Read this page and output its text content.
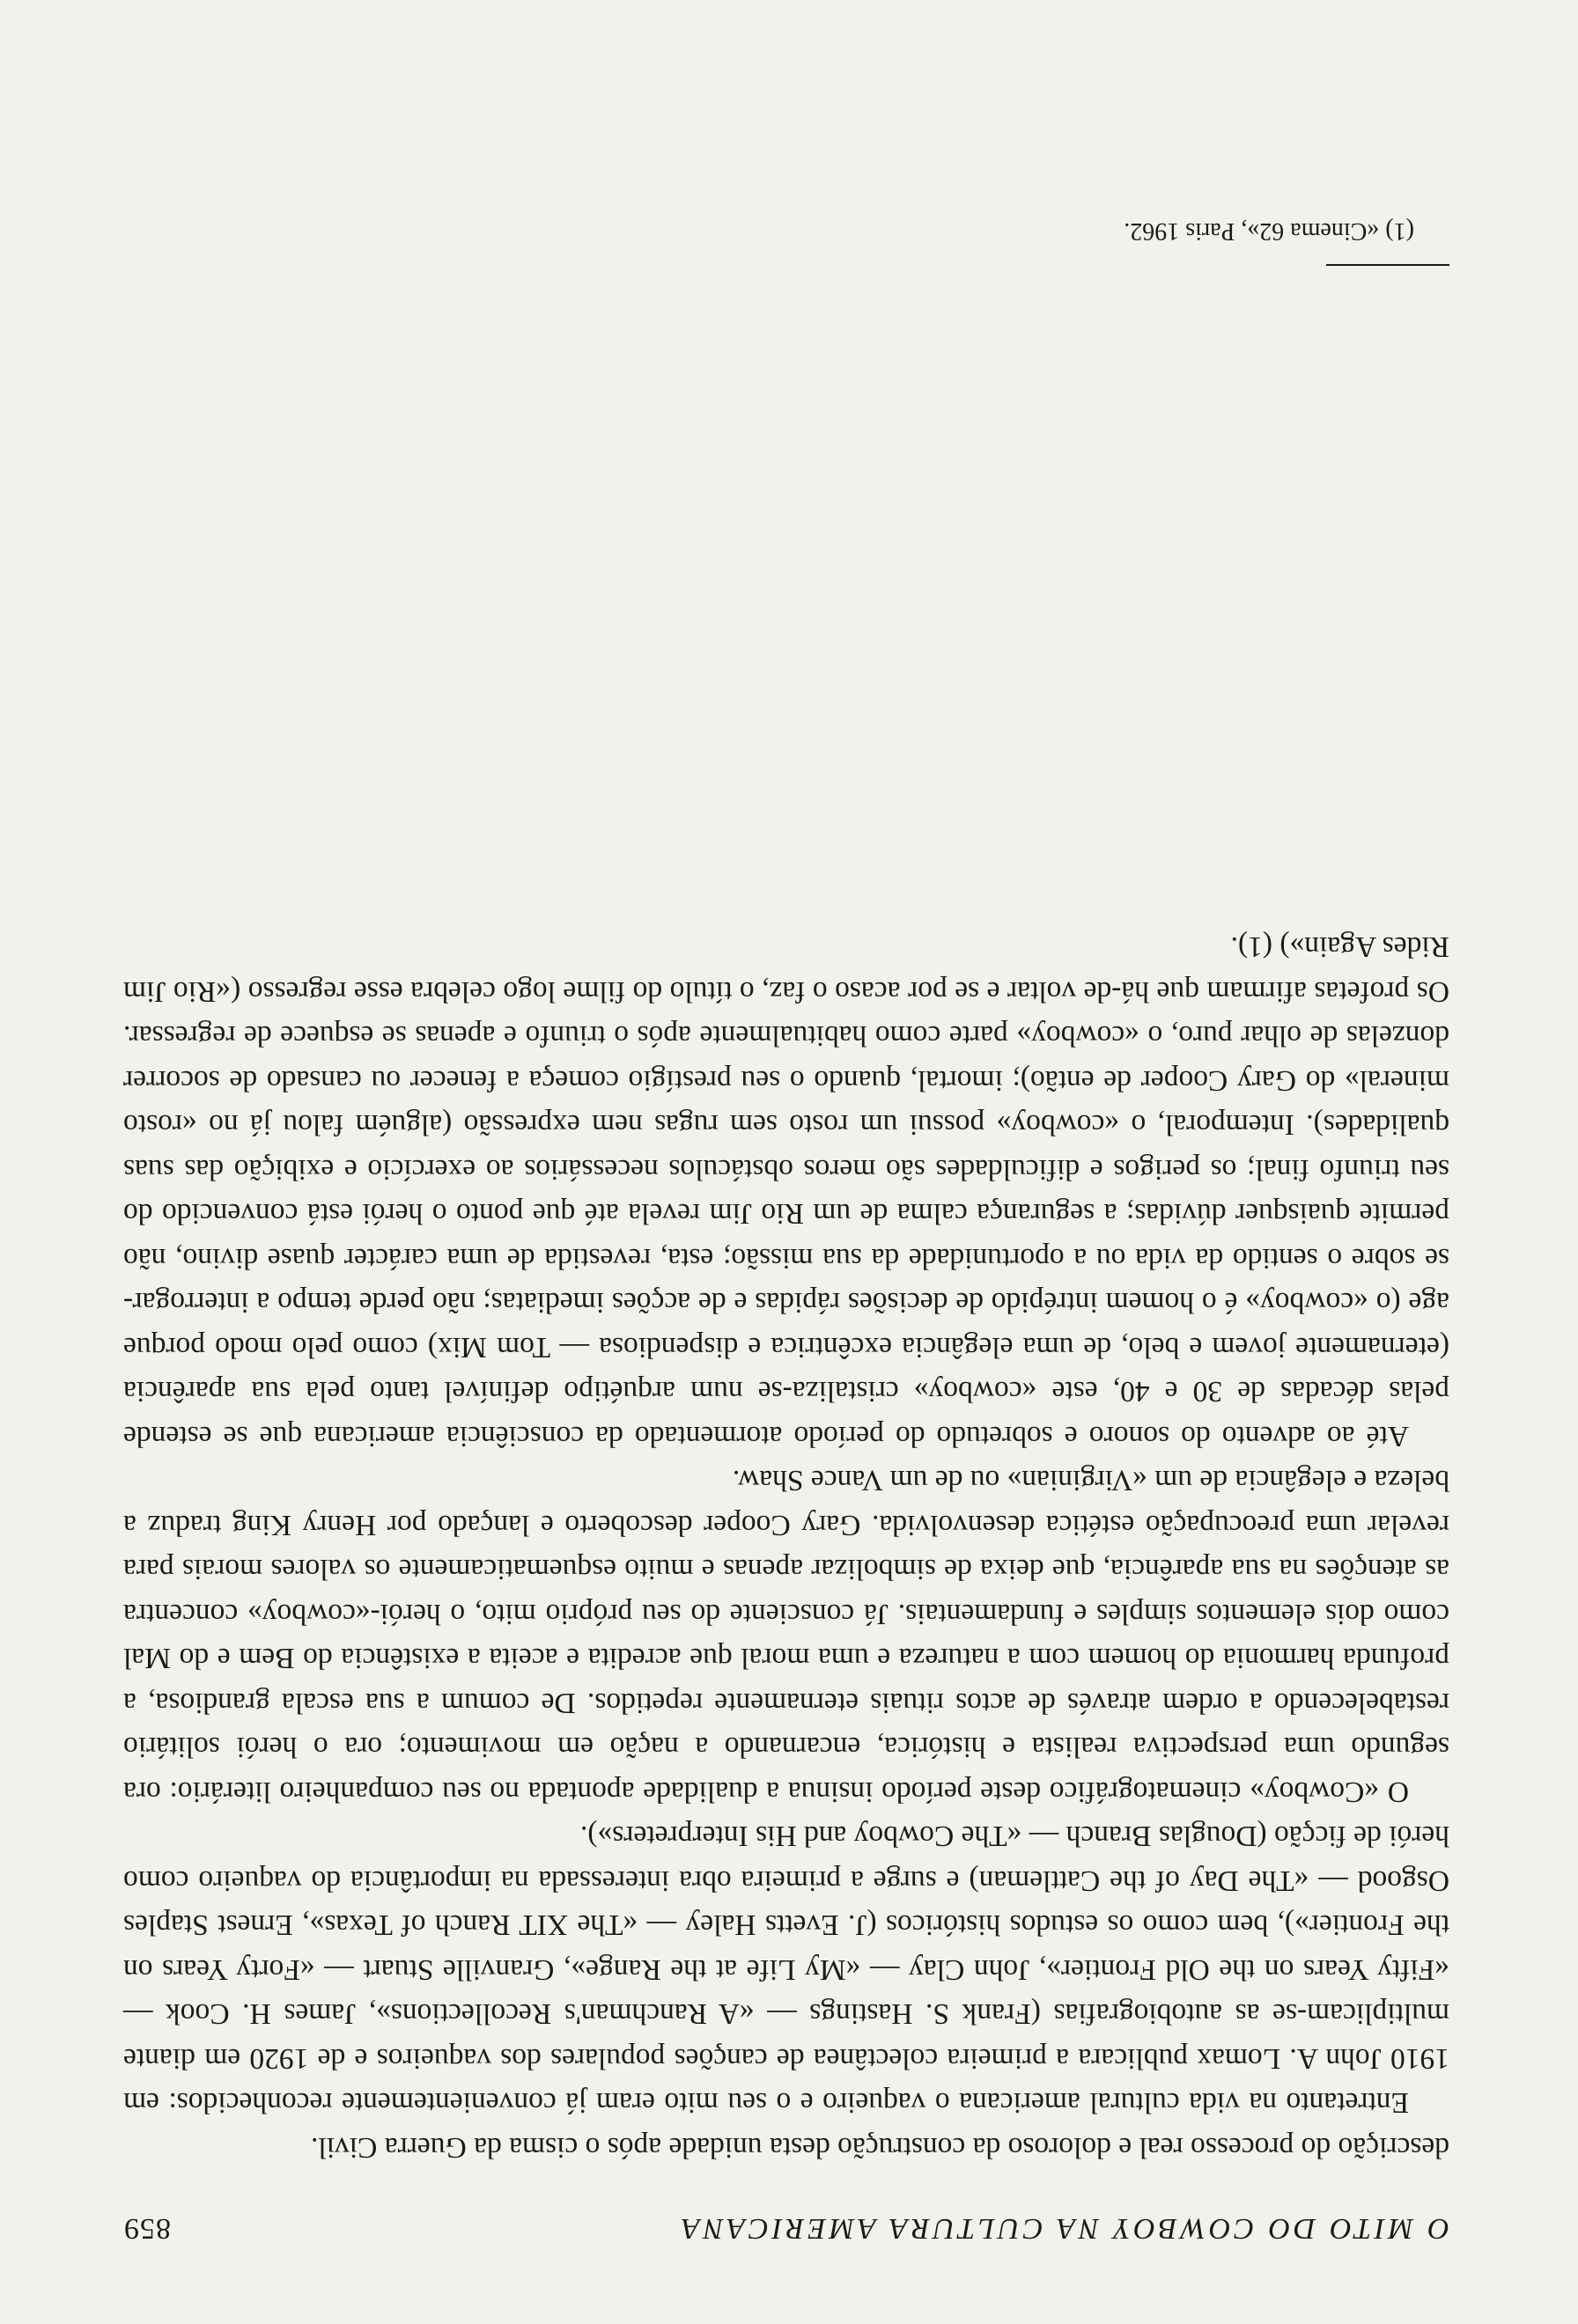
O MITO DO COWBOY NA CULTURA AMERICANA
859

descrição do processo real e doloroso da construção desta unidade após o cisma da Guerra Civil.

Entretanto na vida cultural americana o vaqueiro e o seu mito eram já convenientemente reconhecidos: em 1910 John A. Lomax publicara a primeira colectânea de canções populares dos vaqueiros e de 1920 em diante multiplicam-se as autobiografias (Frank S. Hastings — «A Ranchman's Recollections», James H. Cook — «Fifty Years on the Old Frontier», John Clay — «My Life at the Range», Granville Stuart — «Forty Years on the Frontier»), bem como os estudos históricos (J. Evetts Haley — «The XIT Ranch of Texas», Ernest Staples Osgood — «The Day of the Cattleman) e surge a primeira obra interessada na importância do vaqueiro como herói de ficção (Douglas Branch — «The Cowboy and His Interpreters»).

O «Cowboy» cinematográfico deste período insinua a dualidade apontada no seu companheiro literário: ora segundo uma perspectiva realista e histórica, encarnando a nação em movimento; ora o herói solitário restabelecendo a ordem através de actos rituais eternamente repetidos. De comum a sua escala grandiosa, a profunda harmonia do homem com a natureza e uma moral que acredita e aceita a existência do Bem e do Mal como dois elementos simples e fundamentais. Já consciente do seu próprio mito, o herói-«cowboy» concentra as atenções na sua aparência, que deixa de simbolizar apenas e muito esquematicamente os valores morais para revelar uma preocupação estética desenvolvida. Gary Cooper descoberto e lançado por Henry King traduz a beleza e elegância de um «Virginian» ou de um Vance Shaw.

Até ao advento do sonoro e sobretudo do período atormentado da consciência americana que se estende pelas décadas de 30 e 40, este «cowboy» cristaliza-se num arquétipo definível tanto pela sua aparência (eternamente jovem e belo, de uma elegância excêntrica e dispendiosa — Tom Mix) como pelo modo porque age (o «cowboy» é o homem intrépido de decisões rápidas e de acções imediatas; não perde tempo a interrogar-se sobre o sentido da vida ou a oportunidade da sua missão; esta, revestida de uma carácter quase divino, não permite quaisquer dúvidas; a segurança calma de um Rio Jim revela até que ponto o herói está convencido do seu triunfo final; os perigos e dificuldades são meros obstáculos necessários ao exercício e exibição das suas qualidades). Intemporal, o «cowboy» possui um rosto sem rugas nem expressão (alguém falou já no «rosto mineral» do Gary Cooper de então); imortal, quando o seu prestígio começa a fenecer ou cansado de socorrer donzelas de olhar puro, o «cowboy» parte como habitualmente após o triunfo e apenas se esquece de regressar. Os profetas afirmam que há-de voltar e se por acaso o faz, o título do filme logo celebra esse regresso («Rio Jim Rides Again») (1).

(1) «Cinema 62», Paris 1962.
